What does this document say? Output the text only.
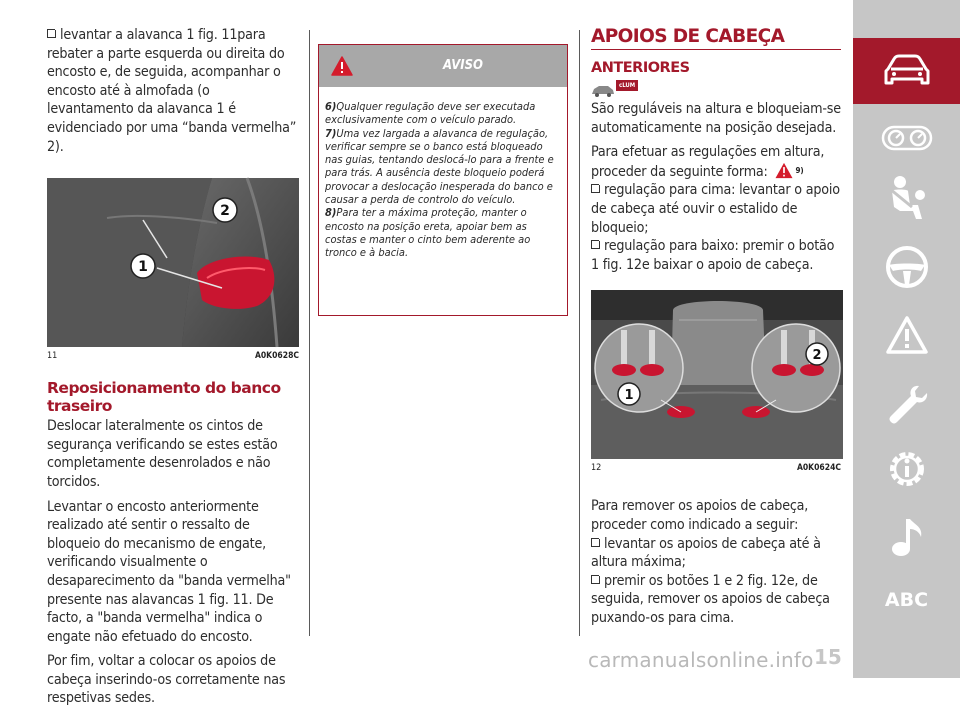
levantar a alavanca 1 fig. 11para rebater a parte esquerda ou direita do encosto e, de seguida, acompanhar o encosto até à almofada (o levantamento da alavanca 1 é evidenciado por uma “banda vermelha” 2).

1
2
11	A0K0628C
Reposicionamento do banco traseiro

Deslocar lateralmente os cintos de segurança verificando se estes estão completamente desenrolados e não torcidos.

Levantar o encosto anteriormente realizado até sentir o ressalto de bloqueio do mecanismo de engate, verificando visualmente o desaparecimento da "banda vermelha" presente nas alavancas 1 fig. 11. De facto, a "banda vermelha" indica o engate não efetuado do encosto.

Por fim, voltar a colocar os apoios de cabeça inserindo-os corretamente nas respetivas sedes.

AVISO

6)Qualquer regulação deve ser executada exclusivamente com o veículo parado.

7)Uma vez largada a alavanca de regulação, verificar sempre se o banco está bloqueado nas guias, tentando deslocá-lo para a frente e para trás. A ausência deste bloqueio poderá provocar a deslocação inesperada do banco e causar a perda de controlo do veículo.

8)Para ter a máxima proteção, manter o encosto na posição ereta, apoiar bem as costas e manter o cinto bem aderente ao tronco e à bacia.

APOIOS DE CABEÇA
ANTERIORES
cLUM

São reguláveis na altura e bloqueiam-se automaticamente na posição desejada.

Para efetuar as regulações em altura, proceder da seguinte forma:	$^{9)}$

regulação para cima: levantar o apoio de cabeça até ouvir o estalido de bloqueio;

regulação para baixo: premir o botão 1 fig. 12e baixar o apoio de cabeça.

1
2
12	A0K0624C

Para remover os apoios de cabeça, proceder como indicado a seguir:

levantar os apoios de cabeça até à altura máxima;

premir os botões 1 e 2 fig. 12e, de seguida, remover os apoios de cabeça puxando-os para cima.

ABC
carmanualsonline.info 15
